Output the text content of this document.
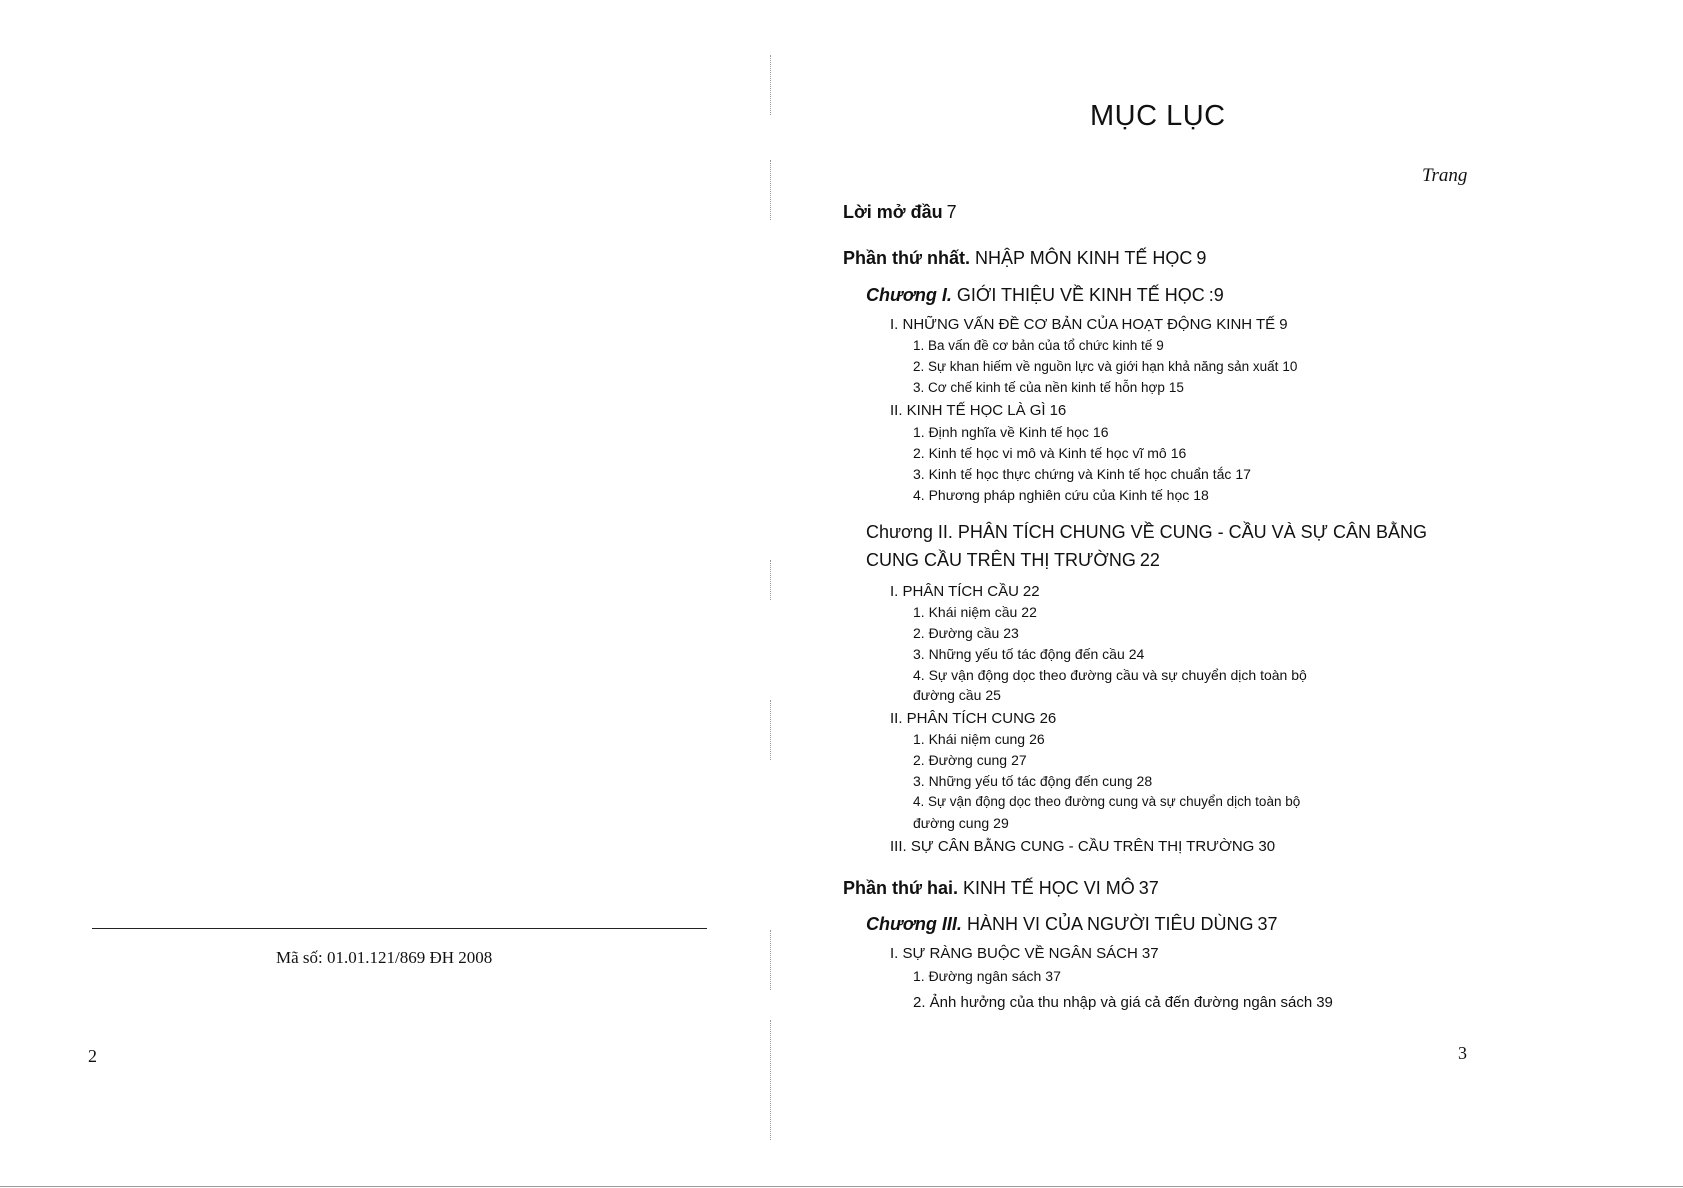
Mã số: 01.01.121/869 ĐH 2008
2
MỤC LỤC
Trang
Lời mở đầu 7
Phần thứ nhất. NHẬP MÔN KINH TẾ HỌC 9
Chương I. GIỚI THIỆU VỀ KINH TẾ HỌC :9
I. NHỮNG VẤN ĐỀ CƠ BẢN CỦA HOẠT ĐỘNG KINH TẾ 9
1. Ba vấn đề cơ bản của tổ chức kinh tế 9
2. Sự khan hiếm về nguồn lực và giới hạn khả năng sản xuất 10
3. Cơ chế kinh tế của nền kinh tế hỗn hợp 15
II. KINH TẾ HỌC LÀ GÌ 16
1. Định nghĩa về Kinh tế học 16
2. Kinh tế học vi mô và Kinh tế học vĩ mô 16
3. Kinh tế học thực chứng và Kinh tế học chuẩn tắc 17
4. Phương pháp nghiên cứu của Kinh tế học 18
Chương II. PHÂN TÍCH CHUNG VỀ CUNG - CẦU VÀ SỰ CÂN BẰNG
CUNG CẦU TRÊN THỊ TRƯỜNG 22
I. PHÂN TÍCH CẦU 22
1. Khái niệm cầu 22
2. Đường cầu 23
3. Những yếu tố tác động đến cầu 24
4. Sự vận động dọc theo đường cầu và sự chuyển dịch toàn bộ
đường cầu 25
II. PHÂN TÍCH CUNG 26
1. Khái niệm cung 26
2. Đường cung 27
3. Những yếu tố tác động đến cung 28
4. Sự vận động dọc theo đường cung và sự chuyển dịch toàn bộ
đường cung 29
III. SỰ CÂN BẰNG CUNG - CẦU TRÊN THỊ TRƯỜNG 30
Phần thứ hai. KINH TẾ HỌC VI MÔ 37
Chương III. HÀNH VI CỦA NGƯỜI TIÊU DÙNG 37
I. SỰ RÀNG BUỘC VỀ NGÂN SÁCH 37
1. Đường ngân sách 37
2. Ảnh hưởng của thu nhập và giá cả đến đường ngân sách 39
3
